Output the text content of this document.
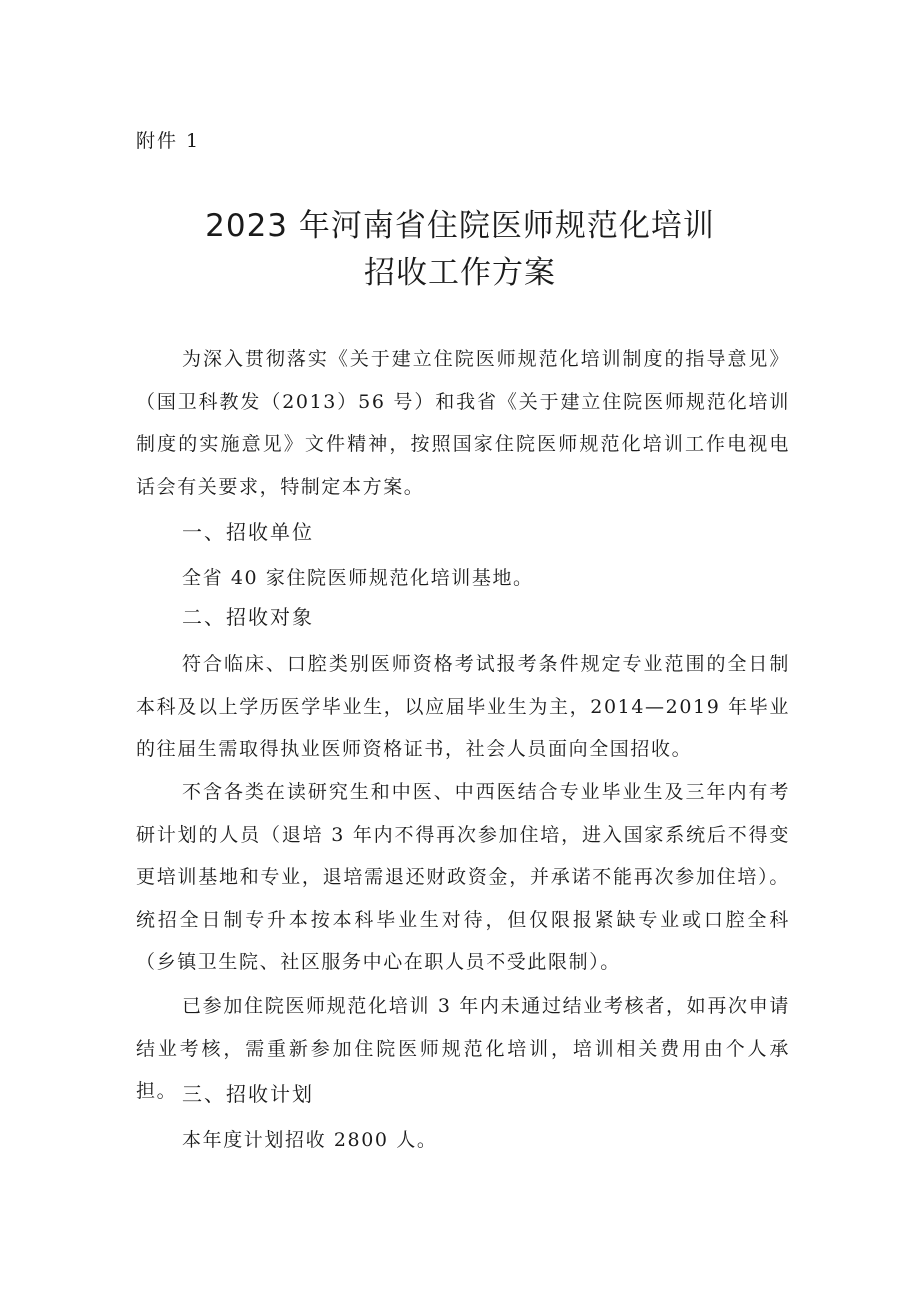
附件 1
2023 年河南省住院医师规范化培训
招收工作方案

为深入贯彻落实《关于建立住院医师规范化培训制度的指导意见》（国卫科教发（2013）56 号）和我省《关于建立住院医师规范化培训制度的实施意见》文件精神，按照国家住院医师规范化培训工作电视电话会有关要求，特制定本方案。

一、招收单位
全省 40 家住院医师规范化培训基地。
二、招收对象

符合临床、口腔类别医师资格考试报考条件规定专业范围的全日制本科及以上学历医学毕业生，以应届毕业生为主，2014—2019 年毕业的往届生需取得执业医师资格证书，社会人员面向全国招收。

不含各类在读研究生和中医、中西医结合专业毕业生及三年内有考研计划的人员（退培 3 年内不得再次参加住培，进入国家系统后不得变更培训基地和专业，退培需退还财政资金，并承诺不能再次参加住培）。统招全日制专升本按本科毕业生对待，但仅限报紧缺专业或口腔全科（乡镇卫生院、社区服务中心在职人员不受此限制）。

已参加住院医师规范化培训 3 年内未通过结业考核者，如再次申请结业考核，需重新参加住院医师规范化培训，培训相关费用由个人承担。 三、招收计划
本年度计划招收 2800 人。
